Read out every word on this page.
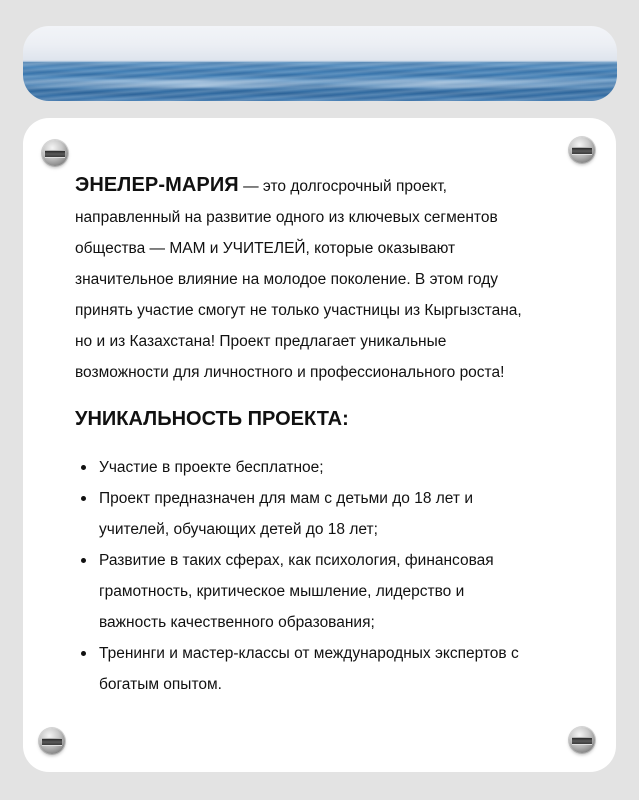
ЭНЕЛЕР-МАРИЯ — это долгосрочный проект,
направленный на развитие одного из ключевых сегментов
общества — МАМ и УЧИТЕЛЕЙ, которые оказывают
значительное влияние на молодое поколение. В этом году
принять участие смогут не только участницы из Кыргызстана,
но и из Казахстана! Проект предлагает уникальные
возможности для личностного и профессионального роста!

УНИКАЛЬНОСТЬ ПРОЕКТА:
Участие в проекте бесплатное;
Проект предназначен для мам с детьми до 18 лет и
учителей, обучающих детей до 18 лет;
Развитие в таких сферах, как психология, финансовая
грамотность, критическое мышление, лидерство и
важность качественного образования;
Тренинги и мастер-классы от международных экспертов с
богатым опытом.
